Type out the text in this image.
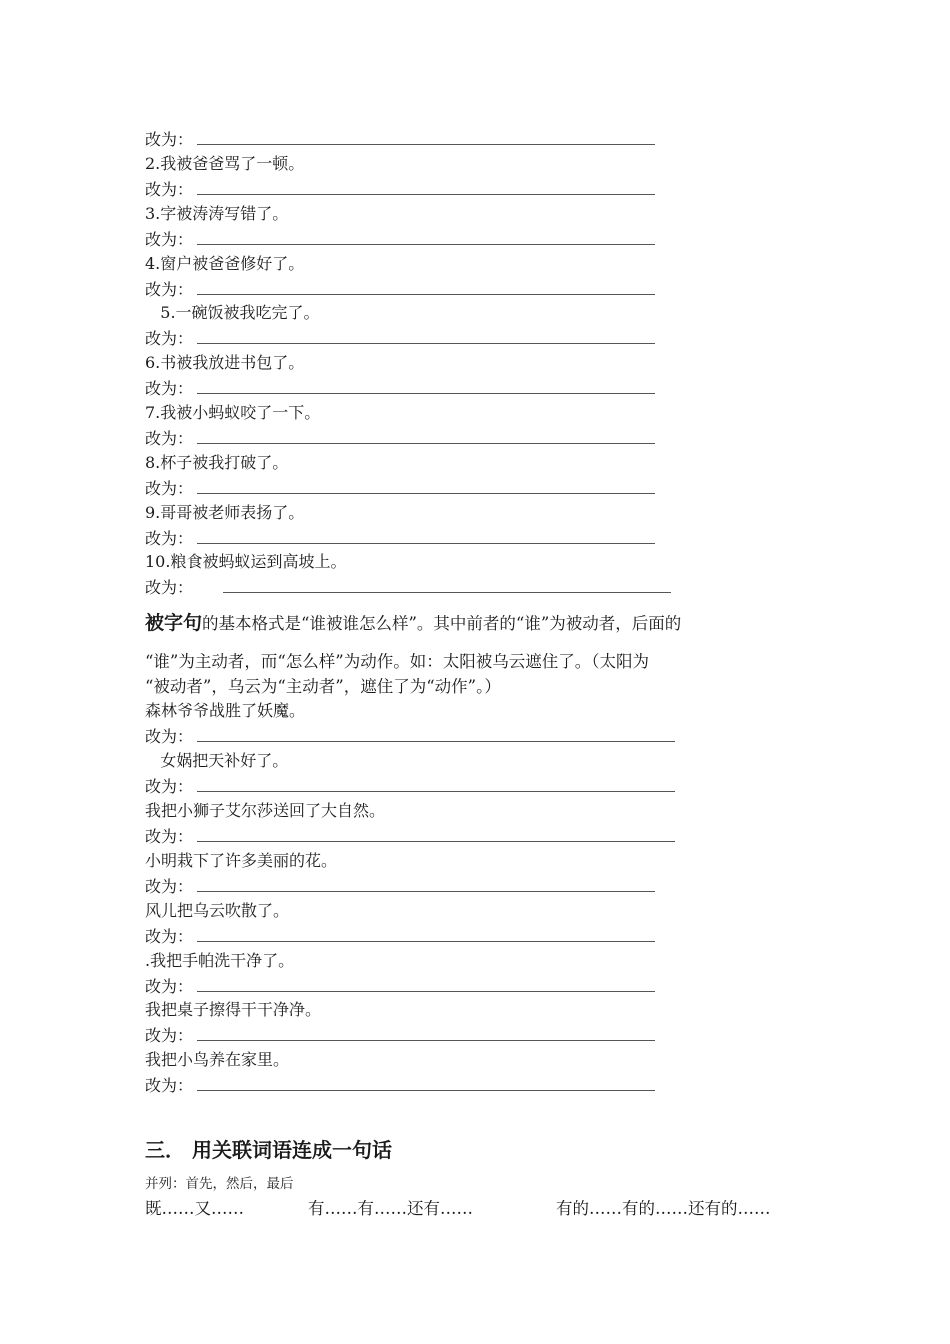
改为：
2.我被爸爸骂了一顿。
改为：
3.字被涛涛写错了。
改为：
4.窗户被爸爸修好了。
改为：
5.一碗饭被我吃完了。
改为：
6.书被我放进书包了。
改为：
7.我被小蚂蚁咬了一下。
改为：
8.杯子被我打破了。
改为：
9.哥哥被老师表扬了。
改为：
10.粮食被蚂蚁运到高坡上。
改为：
被字句的基本格式是“谁被谁怎么样”。其中前者的“谁”为被动者，后面的
“谁”为主动者，而“怎么样”为动作。如：太阳被乌云遮住了。（太阳为
“被动者”，乌云为“主动者”，遮住了为“动作”。）
森林爷爷战胜了妖魔。
改为：
女娲把天补好了。
改为：
我把小狮子艾尔莎送回了大自然。
改为：
小明栽下了许多美丽的花。
改为：
风儿把乌云吹散了。
改为：
.我把手帕洗干净了。
改为：
我把桌子擦得干干净净。
改为：
我把小鸟养在家里。
改为：
三． 用关联词语连成一句话
并列：首先，然后，最后
既……又……	有……有……还有……	有的……有的……还有的……
